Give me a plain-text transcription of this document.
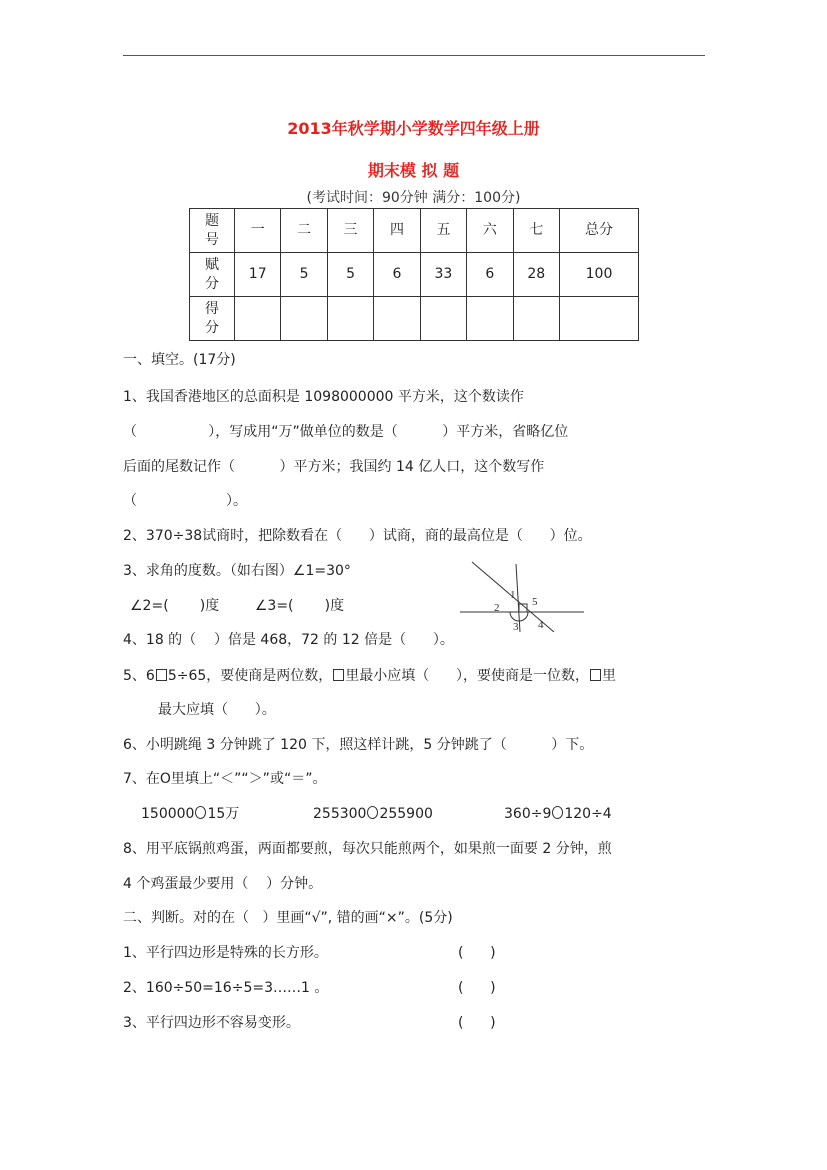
2013年秋学期小学数学四年级上册
期末模 拟 题
(考试时间：90分钟 满分：100分)
题
号	一	二	三	四	五	六	七	总分
赋
分	17	5	5	6	33	6	28	100
得
分								
一、填空。(17分)
1、我国香港地区的总面积是 1098000000 平方米，这个数读作
（                ），写成用“万”做单位的数是（          ）平方米，省略亿位
后面的尾数记作（          ）平方米；我国约 14 亿人口，这个数写作
（                    ）。
2、370÷38试商时，把除数看在（      ）试商，商的最高位是（      ）位。
3、求角的度数。（如右图）∠1=30°
∠2=(       )度        ∠3=(       )度
1
2
3 4
5
4、18 的（    ）倍是 468，72 的 12 倍是（      ）。
5、6 5÷65，要使商是两位数， 里最小应填（      ），要使商是一位数， 里
最大应填（      ）。
6、小明跳绳 3 分钟跳了 120 下，照这样计跳，5 分钟跳了（          ）下。
7、在O里填上“＜”“＞”或“＝”。
150000 15万	255300 255900	360÷9 120÷4
8、用平底锅煎鸡蛋，两面都要煎，每次只能煎两个，如果煎一面要 2 分钟，煎
4 个鸡蛋最少要用（    ）分钟。
二、判断。对的在（   ）里画“√”, 错的画“×”。(5分)
1、平行四边形是特殊的长方形。	(      )
2、160÷50=16÷5=3……1 。	(      )
3、平行四边形不容易变形。	(      )
